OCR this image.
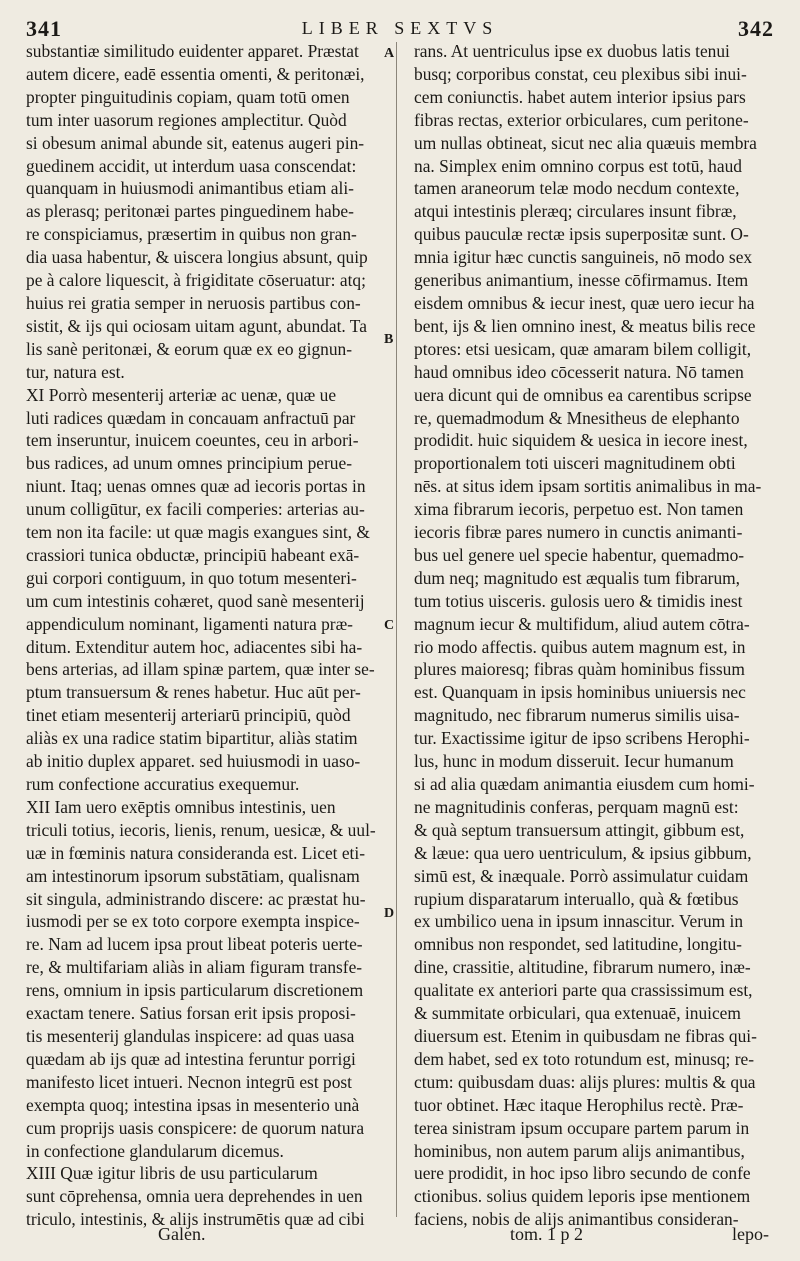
341	LIBER SEXTVS	342
substantiæ similitudo euidenter apparet. Præstat
autem dicere, eadē essentia omenti, & peritonæi,
propter pinguitudinis copiam, quam totū omen
tum inter uasorum regiones amplectitur. Quòd
si obesum animal abunde sit, eatenus augeri pin-
guedinem accidit, ut interdum uasa conscendat:
quanquam in huiusmodi animantibus etiam ali-
as plerasq; peritonæi partes pinguedinem habe-
re conspiciamus, præsertim in quibus non gran-
dia uasa habentur, & uiscera longius absunt, quip
pe à calore liquescit, à frigiditate cōseruatur: atq;
huius rei gratia semper in neruosis partibus con-
sistit, & ijs qui ociosam uitam agunt, abundat. Ta
lis sanè peritonæi, & eorum quæ ex eo gignun-
tur, natura est.
XI Porrò mesenterij arteriæ ac uenæ, quæ ue
luti radices quædam in concauam anfractuū par
tem inseruntur, inuicem coeuntes, ceu in arbori-
bus radices, ad unum omnes principium perue-
niunt. Itaq; uenas omnes quæ ad iecoris portas in
unum colligūtur, ex facili comperies: arterias au-
tem non ita facile: ut quæ magis exangues sint, &
crassiori tunica obductæ, principiū habeant exā-
gui corpori contiguum, in quo totum mesenteri-
um cum intestinis cohæret, quod sanè mesenterij
appendiculum nominant, ligamenti natura præ-
ditum. Extenditur autem hoc, adiacentes sibi ha-
bens arterias, ad illam spinæ partem, quæ inter se-
ptum transuersum & renes habetur. Huc aūt per-
tinet etiam mesenterij arteriarū principiū, quòd
aliàs ex una radice statim bipartitur, aliàs statim
ab initio duplex apparet. sed huiusmodi in uaso-
rum confectione accuratius exequemur.
XII Iam uero exēptis omnibus intestinis, uen
triculi totius, iecoris, lienis, renum, uesicæ, & uul-
uæ in fœminis natura consideranda est. Licet eti-
am intestinorum ipsorum substātiam, qualisnam
sit singula, administrando discere: ac præstat hu-
iusmodi per se ex toto corpore exempta inspice-
re. Nam ad lucem ipsa prout libeat poteris uerte-
re, & multifariam aliàs in aliam figuram transfe-
rens, omnium in ipsis particularum discretionem
exactam tenere. Satius forsan erit ipsis proposi-
tis mesenterij glandulas inspicere: ad quas uasa
quædam ab ijs quæ ad intestina feruntur porrigi
manifesto licet intueri. Necnon integrū est post
exempta quoq; intestina ipsas in mesenterio unà
cum proprijs uasis conspicere: de quorum natura
in confectione glandularum dicemus.
XIII Quæ igitur libris de usu particularum
sunt cōprehensa, omnia uera deprehendes in uen
triculo, intestinis, & alijs instrumētis quæ ad cibi
rans. At uentriculus ipse ex duobus latis tenui
busq; corporibus constat, ceu plexibus sibi inui-
cem coniunctis. habet autem interior ipsius pars
fibras rectas, exterior orbiculares, cum peritone-
um nullas obtineat, sicut nec alia quæuis membra
na. Simplex enim omnino corpus est totū, haud
tamen araneorum telæ modo necdum contexte,
atqui intestinis pleræq; circulares insunt fibræ,
quibus pauculæ rectæ ipsis superpositæ sunt. O-
mnia igitur hæc cunctis sanguineis, nō modo sex
generibus animantium, inesse cōfirmamus. Item
eisdem omnibus & iecur inest, quæ uero iecur ha
bent, ijs & lien omnino inest, & meatus bilis rece
ptores: etsi uesicam, quæ amaram bilem colligit,
haud omnibus ideo cōcesserit natura. Nō tamen
uera dicunt qui de omnibus ea carentibus scripse
re, quemadmodum & Mnesitheus de elephanto
prodidit. huic siquidem & uesica in iecore inest,
proportionalem toti uisceri magnitudinem obti
nēs. at situs idem ipsam sortitis animalibus in ma-
xima fibrarum iecoris, perpetuo est. Non tamen
iecoris fibræ pares numero in cunctis animanti-
bus uel genere uel specie habentur, quemadmo-
dum neq; magnitudo est æqualis tum fibrarum,
tum totius uisceris. gulosis uero & timidis inest
magnum iecur & multifidum, aliud autem cōtra-
rio modo affectis. quibus autem magnum est, in
plures maioresq; fibras quàm hominibus fissum
est. Quanquam in ipsis hominibus uniuersis nec
magnitudo, nec fibrarum numerus similis uisa-
tur. Exactissime igitur de ipso scribens Herophi-
lus, hunc in modum disseruit. Iecur humanum
si ad alia quædam animantia eiusdem cum homi-
ne magnitudinis conferas, perquam magnū est:
& quà septum transuersum attingit, gibbum est,
& læue: qua uero uentriculum, & ipsius gibbum,
simū est, & inæquale. Porrò assimulatur cuidam
rupium disparatarum interuallo, quà & fœtibus
ex umbilico uena in ipsum innascitur. Verum in
omnibus non respondet, sed latitudine, longitu-
dine, crassitie, altitudine, fibrarum numero, inæ-
qualitate ex anteriori parte qua crassissimum est,
& summitate orbiculari, qua extenuaē, inuicem
diuersum est. Etenim in quibusdam ne fibras qui-
dem habet, sed ex toto rotundum est, minusq; re-
ctum: quibusdam duas: alijs plures: multis & qua
tuor obtinet. Hæc itaque Herophilus rectè. Præ-
terea sinistram ipsum occupare partem parum in
hominibus, non autem parum alijs animantibus,
uere prodidit, in hoc ipso libro secundo de confe
ctionibus. solius quidem leporis ipse mentionem
faciens, nobis de alijs animantibus consideran-
A
B
C
D
Galen.	tom. 1 p 2	lepo-
